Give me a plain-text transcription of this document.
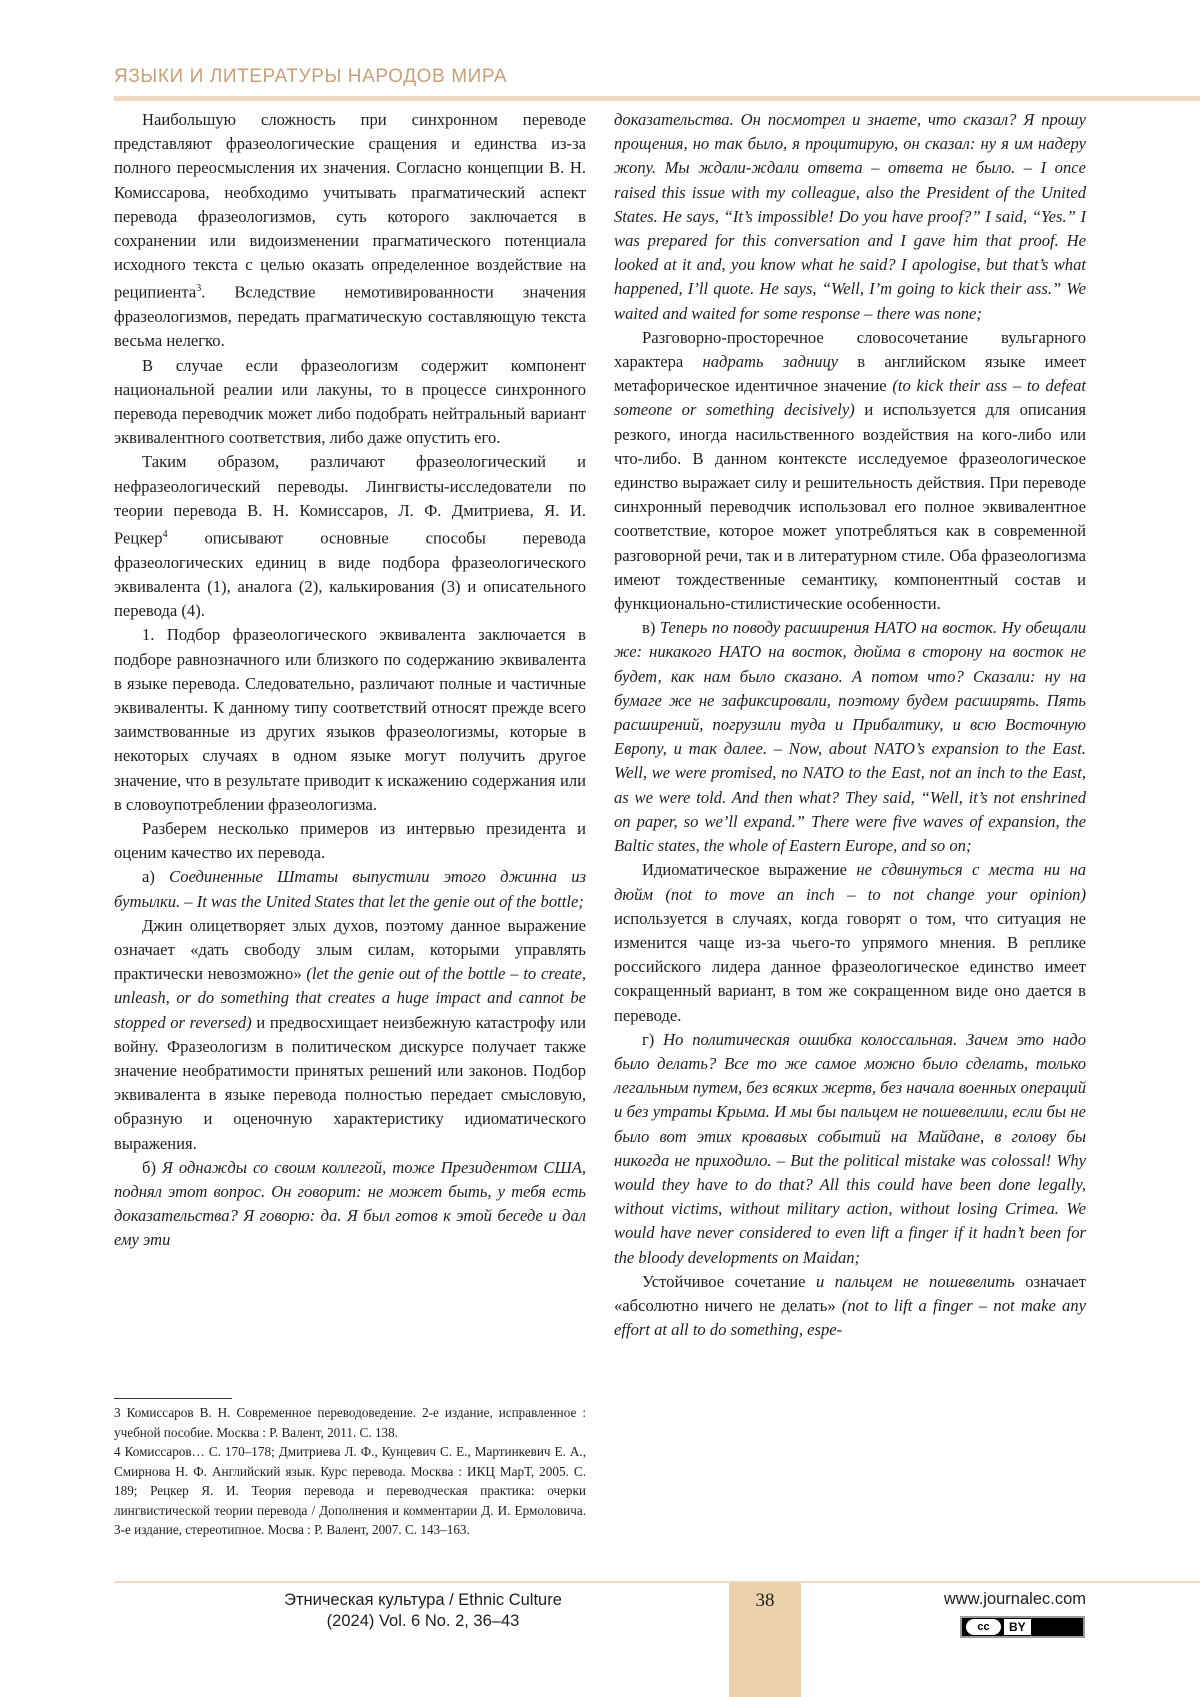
ЯЗЫКИ И ЛИТЕРАТУРЫ НАРОДОВ МИРА

Наибольшую сложность при синхронном переводе представляют фразеологические сращения и единства из-за полного переосмысления их значения. Согласно концепции В. Н. Комиссарова, необходимо учитывать прагматический аспект перевода фразеологизмов, суть которого заключается в сохранении или видоизменении прагматического потенциала исходного текста с целью оказать определенное воздействие на реципиента$^3$. Вследствие немотивированности значения фразеологизмов, передать прагматическую составляющую текста весьма нелегко.

В случае если фразеологизм содержит компонент национальной реалии или лакуны, то в процессе синхронного перевода переводчик может либо подобрать нейтральный вариант эквивалентного соответствия, либо даже опустить его.

Таким образом, различают фразеологический и нефразеологический переводы. Лингвисты-исследователи по теории перевода В. Н. Комиссаров, Л. Ф. Дмитриева, Я. И. Рецкер$^4$ описывают основные способы перевода фразеологических единиц в виде подбора фразеологического эквивалента (1), аналога (2), калькирования (3) и описательного перевода (4).

1. Подбор фразеологического эквивалента заключается в подборе равнозначного или близкого по содержанию эквивалента в языке перевода. Следовательно, различают полные и частичные эквиваленты. К данному типу соответствий относят прежде всего заимствованные из других языков фразеологизмы, которые в некоторых случаях в одном языке могут получить другое значение, что в результате приводит к искажению содержания или в словоупотреблении фразеологизма.

Разберем несколько примеров из интервью президента и оценим качество их перевода.

а) Соединенные Штаты выпустили этого джинна из бутылки. – It was the United States that let the genie out of the bottle;

Джин олицетворяет злых духов, поэтому данное выражение означает «дать свободу злым силам, которыми управлять практически невозможно» (let the genie out of the bottle – to create, unleash, or do something that creates a huge impact and cannot be stopped or reversed) и предвосхищает неизбежную катастрофу или войну. Фразеологизм в политическом дискурсе получает также значение необратимости принятых решений или законов. Подбор эквивалента в языке перевода полностью передает смысловую, образную и оценочную характеристику идиоматического выражения.

б) Я однажды со своим коллегой, тоже Президентом США, поднял этот вопрос. Он говорит: не может быть, у тебя есть доказательства? Я говорю: да. Я был готов к этой беседе и дал ему эти

3 Комиссаров В. Н. Современное переводоведение. 2-е издание, исправленное : учебной пособие. Москва : Р. Валент, 2011. С. 138.

4 Комиссаров… С. 170–178; Дмитриева Л. Ф., Кунцевич С. Е., Мартинкевич Е. А., Смирнова Н. Ф. Английский язык. Курс перевода. Москва : ИКЦ МарТ, 2005. С. 189; Рецкер Я. И. Теория перевода и переводческая практика: очерки лингвистической теории перевода / Дополнения и комментарии Д. И. Ермоловича. 3-е издание, стереотипное. Мосва : Р. Валент, 2007. С. 143–163.

доказательства. Он посмотрел и знаете, что сказал? Я прошу прощения, но так было, я процитирую, он сказал: ну я им надеру жопу. Мы ждали-ждали ответа – ответа не было. – I once raised this issue with my colleague, also the President of the United States. He says, “It’s impossible! Do you have proof?” I said, “Yes.” I was prepared for this conversation and I gave him that proof. He looked at it and, you know what he said? I apologise, but that’s what happened, I’ll quote. He says, “Well, I’m going to kick their ass.” We waited and waited for some response – there was none;

Разговорно-просторечное словосочетание вульгарного характера надрать задницу в английском языке имеет метафорическое идентичное значение (to kick their ass – to defeat someone or something decisively) и используется для описания резкого, иногда насильственного воздействия на кого-либо или что-либо. В данном контексте исследуемое фразеологическое единство выражает силу и решительность действия. При переводе синхронный переводчик использовал его полное эквивалентное соответствие, которое может употребляться как в современной разговорной речи, так и в литературном стиле. Оба фразеологизма имеют тождественные семантику, компонентный состав и функционально-стилистические особенности.

в) Теперь по поводу расширения НАТО на восток. Ну обещали же: никакого НАТО на восток, дюйма в сторону на восток не будет, как нам было сказано. А потом что? Сказали: ну на бумаге же не зафиксировали, поэтому будем расширять. Пять расширений, погрузили туда и Прибалтику, и всю Восточную Европу, и так далее. – Now, about NATO’s expansion to the East. Well, we were promised, no NATO to the East, not an inch to the East, as we were told. And then what? They said, “Well, it’s not enshrined on paper, so we’ll expand.” There were five waves of expansion, the Baltic states, the whole of Eastern Europe, and so on;

Идиоматическое выражение не сдвинуться с места ни на дюйм (not to move an inch – to not change your opinion) используется в случаях, когда говорят о том, что ситуация не изменится чаще из-за чьего-то упрямого мнения. В реплике российского лидера данное фразеологическое единство имеет сокращенный вариант, в том же сокращенном виде оно дается в переводе.

г) Но политическая ошибка колоссальная. Зачем это надо было делать? Все то же самое можно было сделать, только легальным путем, без всяких жертв, без начала военных операций и без утраты Крыма. И мы бы пальцем не пошевелили, если бы не было вот этих кровавых событий на Майдане, в голову бы никогда не приходило. – But the political mistake was colossal! Why would they have to do that? All this could have been done legally, without victims, without military action, without losing Crimea. We would have never considered to even lift a finger if it hadn’t been for the bloody developments on Maidan;

Устойчивое сочетание и пальцем не пошевелить означает «абсолютно ничего не делать» (not to lift a finger – not make any effort at all to do something, espe-

Этническая культура / Ethnic Culture
(2024) Vol. 6 No. 2, 36–43
38	www.journalec.com
cc	BY
